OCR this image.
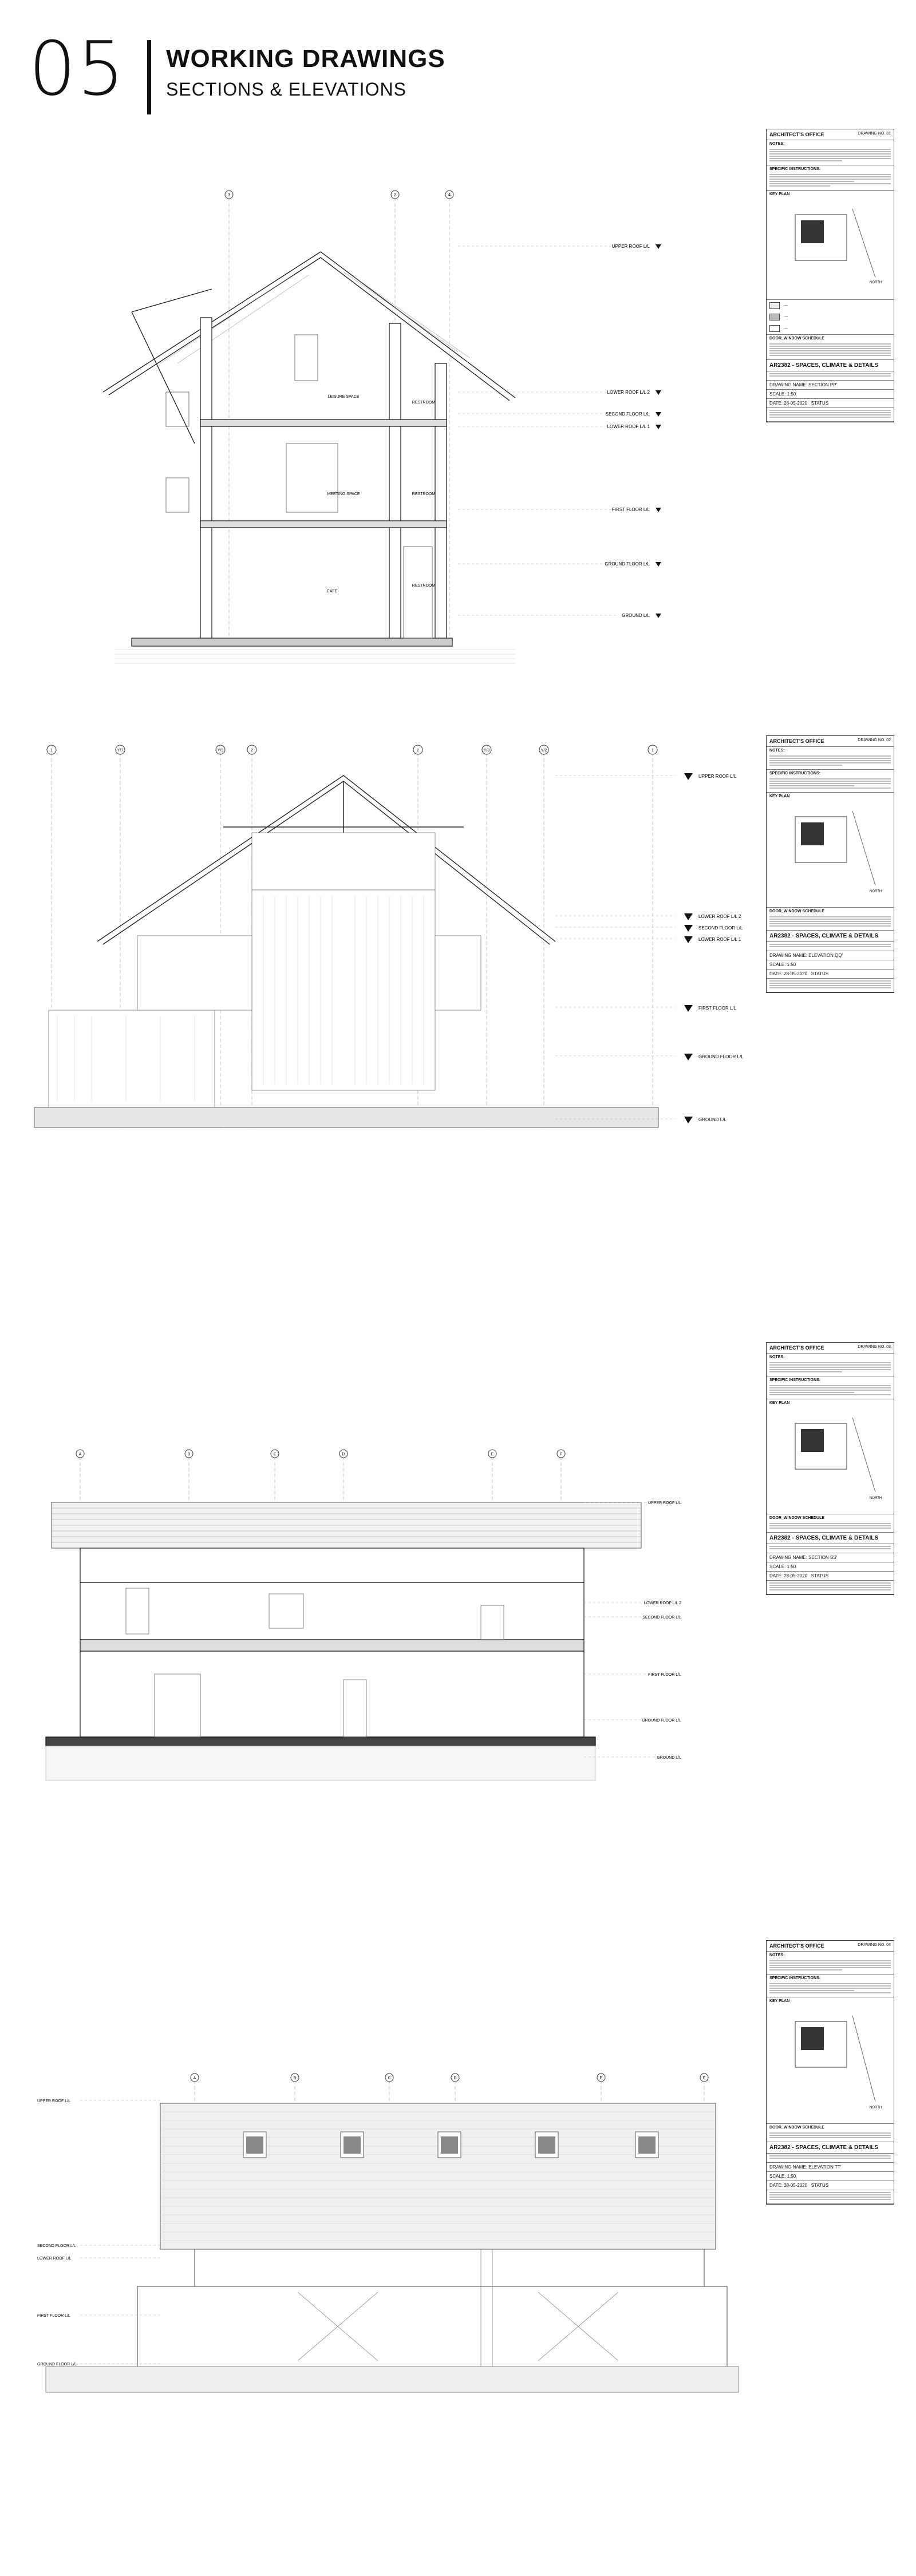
05 WORKING DRAWINGS
SECTIONS & ELEVATIONS
3	2	4
LEISURE SPACE
RESTROOM
MEETING SPACE	RESTROOM
CAFE
RESTROOM
UPPER ROOF L/L
LOWER ROOF L/L 2
SECOND FLOOR L/L
LOWER ROOF L/L 1
FIRST FLOOR L/L
GROUND FLOOR L/L
GROUND L/L
ARCHITECT'S OFFICE	DRAWING NO. 01
NOTES:
SPECIFIC INSTRUCTIONS:
KEY PLAN
NORTH
—
—
—
DOOR_WINDOW SCHEDULE
AR2382 - SPACES, CLIMATE & DETAILS
DRAWING NAME: SECTION PP'
SCALE: 1:50
DATE: 28-05-2020 STATUS
1	Y/7	Y/5	2	2	Y/3	Y/2	1
UPPER ROOF L/L
LOWER ROOF L/L 2
SECOND FLOOR L/L
LOWER ROOF L/L 1
FIRST FLOOR L/L
GROUND FLOOR L/L
GROUND L/L
ARCHITECT'S OFFICE	DRAWING NO. 02
NOTES:
SPECIFIC INSTRUCTIONS:
KEY PLAN
NORTH
DOOR_WINDOW SCHEDULE
AR2382 - SPACES, CLIMATE & DETAILS
DRAWING NAME: ELEVATION QQ'
SCALE: 1:50
DATE: 28-05-2020 STATUS
A	B	C	D	E	F
UPPER ROOF L/L
LOWER ROOF L/L 2
SECOND FLOOR L/L
FIRST FLOOR L/L
GROUND FLOOR L/L
GROUND L/L
ARCHITECT'S OFFICE	DRAWING NO. 03
NOTES:
SPECIFIC INSTRUCTIONS:
KEY PLAN
NORTH
DOOR_WINDOW SCHEDULE
AR2382 - SPACES, CLIMATE & DETAILS
DRAWING NAME: SECTION SS'
SCALE: 1:50
DATE: 28-05-2020 STATUS
A	B	C	D	E	F
UPPER ROOF L/L
SECOND FLOOR L/L
LOWER ROOF L/L
FIRST FLOOR L/L
GROUND FLOOR L/L
ARCHITECT'S OFFICE	DRAWING NO. 04
NOTES:
SPECIFIC INSTRUCTIONS:
KEY PLAN
NORTH
DOOR_WINDOW SCHEDULE
AR2382 - SPACES, CLIMATE & DETAILS
DRAWING NAME: ELEVATION TT'
SCALE: 1:50
DATE: 28-05-2020 STATUS
